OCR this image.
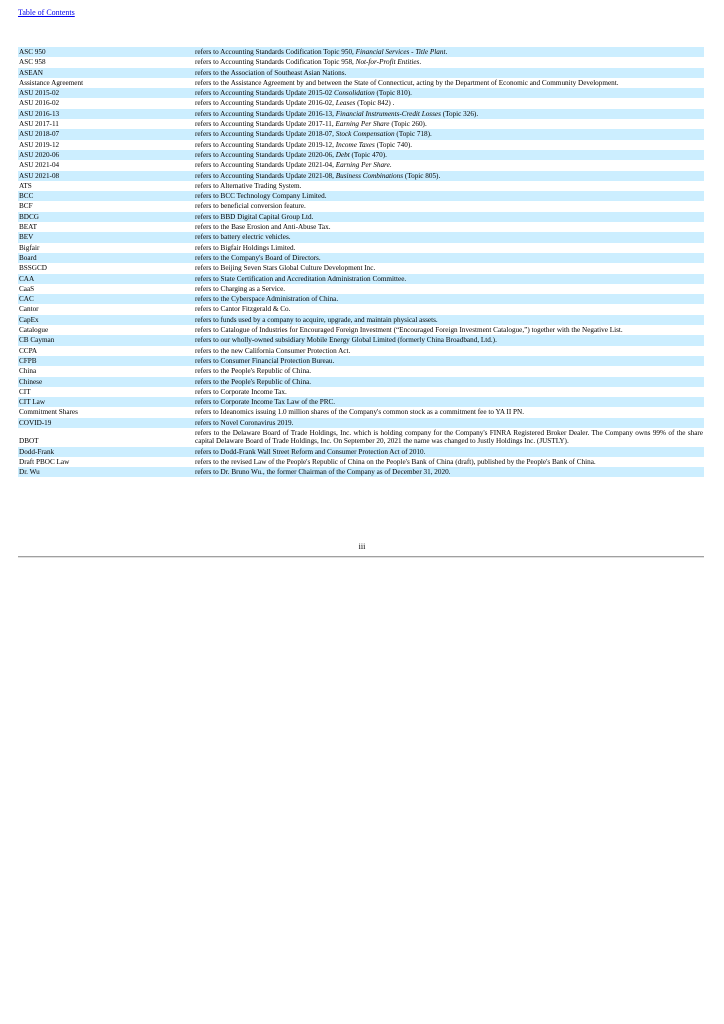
Table of Contents
ASC 950	refers to Accounting Standards Codification Topic 950, Financial Services - Title Plant.
ASC 958	refers to Accounting Standards Codification Topic 958, Not-for-Profit Entities.
ASEAN	refers to the Association of Southeast Asian Nations.
Assistance Agreement	refers to the Assistance Agreement by and between the State of Connecticut, acting by the Department of Economic and Community Development.
ASU 2015-02	refers to Accounting Standards Update 2015-02 Consolidation (Topic 810).
ASU 2016-02	refers to Accounting Standards Update 2016-02, Leases (Topic 842) .
ASU 2016-13	refers to Accounting Standards Update 2016-13, Financial Instruments-Credit Losses (Topic 326).
ASU 2017-11	refers to Accounting Standards Update 2017-11, Earning Per Share (Topic 260).
ASU 2018-07	refers to Accounting Standards Update 2018-07, Stock Compensation (Topic 718).
ASU 2019-12	refers to Accounting Standards Update 2019-12, Income Taxes (Topic 740).
ASU 2020-06	refers to Accounting Standards Update 2020-06, Debt (Topic 470).
ASU 2021-04	refers to Accounting Standards Update 2021-04, Earning Per Share.
ASU 2021-08	refers to Accounting Standards Update 2021-08, Business Combinations (Topic 805).
ATS	refers to Alternative Trading System.
BCC	refers to BCC Technology Company Limited.
BCF	refers to beneficial conversion feature.
BDCG	refers to BBD Digital Capital Group Ltd.
BEAT	refers to the Base Erosion and Anti-Abuse Tax.
BEV	refers to battery electric vehicles.
Bigfair	refers to Bigfair Holdings Limited.
Board	refers to the Company's Board of Directors.
BSSGCD	refers to Beijing Seven Stars Global Culture Development Inc.
CAA	refers to State Certification and Accreditation Administration Committee.
CaaS	refers to Charging as a Service.
CAC	refers to the Cyberspace Administration of China.
Cantor	refers to Cantor Fitzgerald & Co.
CapEx	refers to funds used by a company to acquire, upgrade, and maintain physical assets.
Catalogue	refers to Catalogue of Industries for Encouraged Foreign Investment (“Encouraged Foreign Investment Catalogue,”) together with the Negative List.
CB Cayman	refers to our wholly-owned subsidiary Mobile Energy Global Limited (formerly China Broadband, Ltd.).
CCPA	refers to the new California Consumer Protection Act.
CFPB	refers to Consumer Financial Protection Bureau.
China	refers to the People's Republic of China.
Chinese	refers to the People's Republic of China.
CIT	refers to Corporate Income Tax.
CIT Law	refers to Corporate Income Tax Law of the PRC.
Commitment Shares	refers to Ideanomics issuing 1.0 million shares of the Company's common stock as a commitment fee to YA II PN.
COVID-19	refers to Novel Coronavirus 2019.
DBOT	refers to the Delaware Board of Trade Holdings, Inc. which is holding company for the Company's FINRA Registered Broker Dealer. The Company owns 99% of the share capital Delaware Board of Trade Holdings, Inc. On September 20, 2021 the name was changed to Justly Holdings Inc. (JUSTLY).
Dodd-Frank	refers to Dodd-Frank Wall Street Reform and Consumer Protection Act of 2010.
Draft PBOC Law	refers to the revised Law of the People's Republic of China on the People's Bank of China (draft), published by the People's Bank of China.
Dr. Wu	refers to Dr. Bruno Wu., the former Chairman of the Company as of December 31, 2020.
iii
